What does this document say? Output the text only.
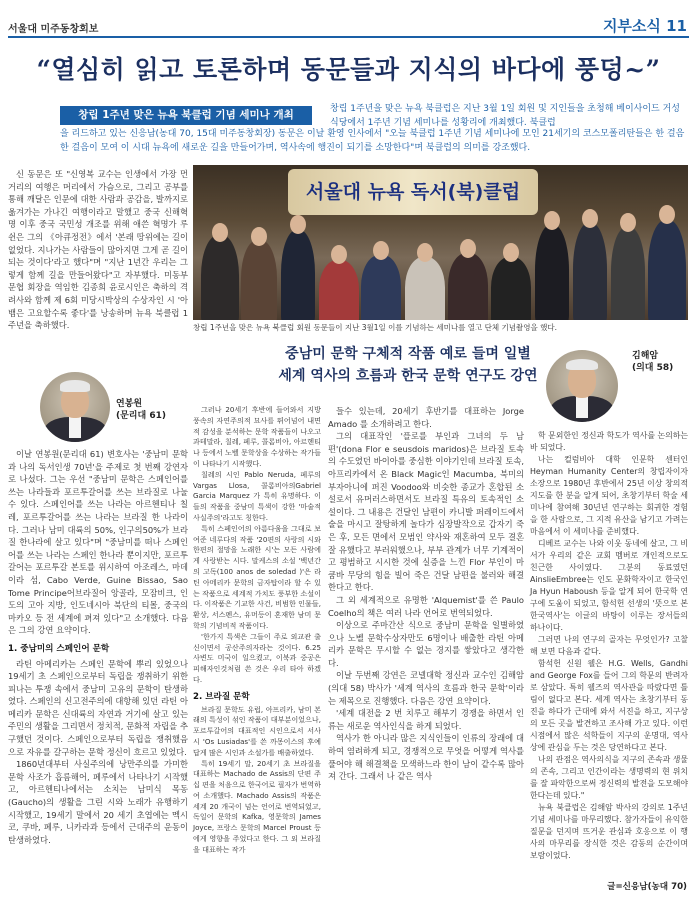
서울대 미주동창회보	지부소식 11
“열심히 읽고 토론하며 동문들과 지식의 바다에 풍덩~”
창립 1주년 맞은 뉴욕 북클럽 기념 세미나 개최	창립 1주년을 맞은 뉴욕 북클럽은 지난 3월 1일 회원 및 지인들을 초청해 베이사이드 거성 식당에서 1주년 기념 세미나를 성황리에 개최했다. 북클럽
을 리드하고 있는 신응남(농대 70, 15대 미주동창회장) 동문은 이날 환영 인사에서 "오늘 북클럽 1주년 기념 세미나에 모인 21세기의 코스모폴리탄들은 한 걸음 한 걸음이 모여 이 시대 뉴욕에 새로운 길을 만들어가며, 역사속에 행진이 되기를 소망한다"며 북클럽의 의미를 강조했다.

신 동문은 또 "신영복 교수는 인생에서 가장 먼거리의 여행은 머리에서 가슴으로, 그리고 공부를 통해 깨달은 인문에 대한 사람과 공감을, 발까지로 옮겨가는 가나긴 여행이라고 말했고 중국 신해혁명 이후 중국 국민성 개조를 위해 애쓴 혁명가 루쉰은 그의 《아큐정전》에서 '본래 땅위에는 길이 없었다. 지나가는 사람들이 많아지면 그게 곧 길이 되는 것이다'라고 했다"며 "지난 1년간 우리는 그렇게 함께 길을 만들어왔다"고 자부했다. 미동부 문협 회장을 역임한 김종희 윤로시인은 축하의 격려사와 함께 제 6회 미당시박상의 수상자인 시 '아뱀은 고요할수록 좋다'를 낭송하며 뉴욕 북클럽 1주년을 축하했다.

서울대 뉴욕 독서(북)클럽
창립 1주년을 맞은 뉴욕 북클럽 회원 동문들이 지난 3월1일 이를 기념하는 세미나를 열고 단체 기념촬영을 했다.
중남미 문학 구체적 작품 예로 들며 일별
세계 역사의 흐름과 한국 문학 연구도 강연
연봉원
(문리대 61)
김해암
(의대 58)

이날 연봉원(문리대 61) 변호사는 '중남미 문학과 나의 독서인생 70년'을 주제로 첫 번째 강연자로 나섰다. 그는 우선 "중남미 문학은 스페인어를 쓰는 나라들과 포르투갈어를 쓰는 브라질로 나눌수 있다. 스페인어를 쓰는 나라는 아르헨티나 칠레, 포르투갈어를 쓰는 나라는 브라질 한 나라이다. 그러나 남미 대륙의 50%, 인구의50%가 브라질 한나라에 살고 있다"며 "중남미를 떠나 스페인어를 쓰는 나라는 스페인 한나라 뿐이지만, 포르투갈어는 포르투갈 본토를 위시하여 아조레스, 마데이라 섬, Cabo Verde, Guine Bissao, Sao Tome Principe어브라질어 앙골라, 모잠비크, 인도의 고아 지방, 인도네시아 북단의 티몰, 중국의 마카오 등 전 세계에 펴져 있다"고 소개했다. 다음은 그의 강연 요약이다.

1. 중남미의 스페인어 문학

라틴 아메리카는 스페인 문학에 뿌리 있었으나 19세기 초 스페인으로부터 독립을 쟁취하기 위한 피나는 투쟁 속에서 중남미 고유의 문학이 탄생하였다. 스페인의 신고전주의에 대항해 있던 라틴 아메리카 문학은 신대륙의 자연과 거기에 살고 있는 주민의 생활을 그리면서 정치적, 문화적 자립을 추구했던 것이다. 스페인으로부터 독립을 쟁취했음으로 자유를 갈구하는 문학 정신이 흐르고 있었다.

1860년대부터 사실주의에 낭만주의를 가미한 문학 사조가 흡름해어, 페루에서 나타나기 시작했고, 아르헨티나에서는 소치는 남미식 목동(Gaucho)의 생활을 그린 시와 노래가 유행하기 시작했고, 19세기 말에서 20 세기 초엽에는 멕시코, 쿠바, 페루, 니카라과 등에서 근대주의 운동이 탄생하였다.

그러나 20세기 후반에 들어와서 지방 풍속의 자연주의적 묘사를 뛰어넘어 내면적 감성을 분석하는 문학 작품들이 나오고 과테말라, 칠레, 페루, 콜롬비아, 아르헨티나 등에서 노벨 문학상을 수상하는 작가들이 나타나기 시작했다.

칠레의 시인 Pablo Neruda, 페루의 Vargas Llosa, 콜롬비아의Gabriel Garcia Marquez 가 특히 유명하다. 이들의 작품을 중남미 특색이 강한 '마술적 사실주의'라고도 칭한다.

특히 스페인어의 아름다움을 그대로 보여준 네루다의 작품 '20편의 사랑의 시와 한편의 절망을 노래한 시'는 모든 사람에게 사랑받는 시다. 말케스의 소설 '백년간의 고독(100 anos de soledad )'은 라틴 아메리카 문학의 금자탑이라 할 수 있는 작품으로 세계적 가치도 풍부한 소설이다. 이작품은 기교한 사건, 비범한 인물들, 환상, 서스펜스, 유머등이 혼재한 남미 문학의 기념비적 작품이다.

'한가지 특색은 그들이 주로 외교관 출신이면서 공산주의자라는 것이다. 6.25 사변도 미국이 일으켰고, 이북과 중공은 피해자인것처럼 쓴 것은 우리 타아 하겠다.

2. 브라질 문학

브라질 문학도 유럽, 아프리카, 남미 본래의 특성이 섞인 작품이 대부분이었으나, 포르투갈어의 대표적인 시인으로서 서사시 'Os Lusiadas'를 쓴 까몽이스의 후예답게 많은 시인과 소설가를 배출하였다.

특히 19세기 말, 20세기 초 브라질을 대표하는 Machado de Assis의 단편 주십 편을 처음으로 한국어로 필자가 번역하여 소개했다. Machado Assis의 작품은 세계 20 개국이 넘는 언어로 번역되었고, 독일어 문학의 Kafka, 영문학의 James Joyce, 프랑스 문학의 Marcel Proust 등에게 영향을 주었다고 한다. 그 외 브라질을 대표하는 작가

들수 있는데, 20세기 후반기를 대표하는 Jorge Amado 를 소개하려고 한다.

그의 대표작인 '플로를 부인과 그녀의 두 남편'(dona Flor e seusdois maridos)은 브라질 토속의 수도였던 바이아를 중심한 이야기인데 브라질 토속, 아프리카에서 온 Black Magic인 Macumba, 북미의 부자아니에 퍼진 Voodoo와 비슷한 종교가 혼합된 소설로서 유머러스하면서도 브라질 특유의 토속적인 소설이다. 그 내용은 건달인 남편이 카니발 퍼레이드에서 술을 마시고 잘탕하게 놀다가 심장발작으로 갑자기 죽은 후, 모든 면에서 모범인 약사와 재혼하여 모두 결혼 잘 유했다고 부러워했으나, 부부 관계가 너무 기계적이고 평범하고 시시한 것에 실증을 느낀 Flor 부인이 마쿰바 무당의 힘을 빌어 죽은 건달 남편을 불러와 해결한다고 한다.

그 외 세계적으로 유명한 'Alquemist'를 쓴 Paulo Coelho의 책은 여러 나라 언어로 번역되었다.

이상으로 주마간산 식으로 중남미 문학을 일별하였으나 노벨 문학수상자만도 6명이나 배출한 라틴 아메리카 문학은 무시할 수 없는 경지를 쌓았다고 생각한다.

이날 두번째 강연은 코넬대학 정신과 교수인 김해암(의대 58) 박사가 '세계 역사의 흐름과 한국 문학'이라는 제목으로 진행했다. 다음은 강연 요약이다.

'세계 대전을 2 번 치루고 해부기 경쟁을 하면서 인류는 새로운 역사인식을 하게 되었다.

역사가 한 아니라 많은 지식인들이 인류의 장래에 대하여 염려하게 되고, 경쟁적으로 무엇을 어떻게 역사를 풀어야 해 해결책을 모색하느라 한이 남이 같수록 많아져 간다. 그래서 나 같은 역사

학 문외한인 정신과 학도가 역사를 논의하는 바 되었다.

나는 컬럼비아 대학 인문학 센터인 Heyman Humanity Center의 창립자이자 소장으로 1980년 후반에서 25년 이상 창의적 지도를 한 분을 알게 되어, 초창기부터 학술 세미나에 참여해 30년년 연구하는 회귀한 경험을 한 사람으로, 그 지적 유산을 남기고 가려는 마음에서 이 세미나를 준비했다.

디베르 교수는 나와 이웃 동네에 살고, 그 비서가 우리의 같은 교회 멤버로 개인적으로도 친근한 사이였다. 그분의 동료였던 AinslieEmbree는 인도 문화학자이고 한국인 Ja Hyun Haboush 등을 알게 되어 한국학 연구에 도움이 되었고, 함석헌 선생의 '뜻으로 본 한국역사'는 이글의 바탕이 이루는 장서들의 하나이다.

그러면 나의 연구의 골자는 무엇인가? 고찰해 보면 다음과 같다.

함석헌 신원 웰은 H.G. Wells, Gandhi and George Fox를 들어 그의 학문의 반려자로 삼았다. 특히 웰즈의 역사관을 따랐다면 틀림이 없다고 본다. 세계 역사는 초창기부터 동진을 하다가 근대에 와서 서진을 하고, 지구상의 모든 곳을 발견하고 조사해 가고 있다. 이런 시점에서 많은 석학들이 지구의 운명대, 역사상에 관심을 두는 것은 당연하다고 본다.

나의 관점은 역사의식을 지구의 존속과 생물의 존속, 그리고 인간이라는 생명력의 현 위치를 잘 파악한으로써 정신력의 발전을 도모해야 한다는데 있다."

뉴욕 북클럽은 김해암 박사의 강의로 1주년 기념 세미나를 마무리했다. 참가자들이 유익한 질문을 던지며 뜨거운 관심과 호응으로 이 행사의 마무리를 장식한 것은 감동의 순간이며 보람이었다.

글=신응남(농대 70)
